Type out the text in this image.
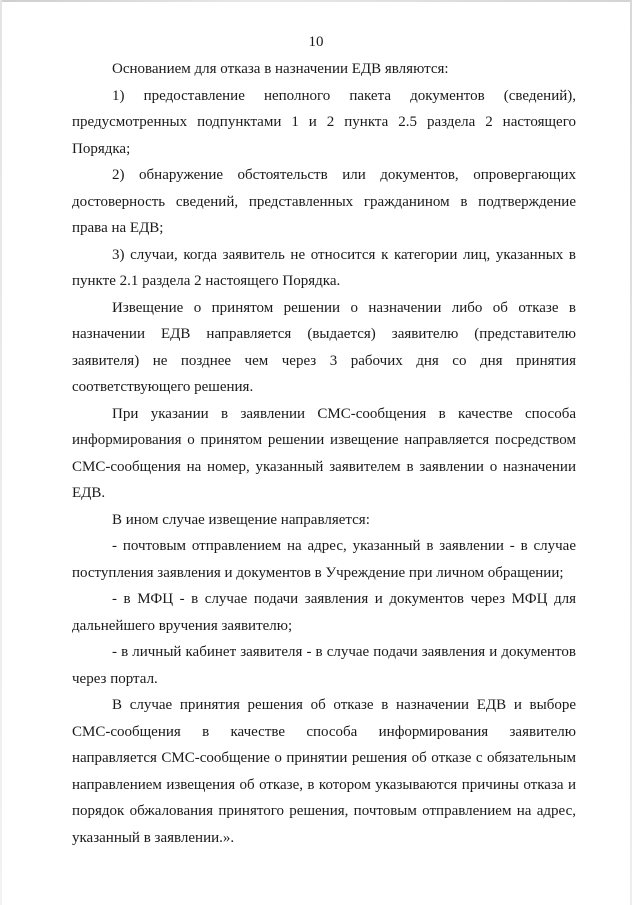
10

Основанием для отказа в назначении ЕДВ являются:

1) предоставление неполного пакета документов (сведений), предусмотренных подпунктами 1 и 2 пункта 2.5 раздела 2 настоящего Порядка;

2) обнаружение обстоятельств или документов, опровергающих достоверность сведений, представленных гражданином в подтверждение права на ЕДВ;

3) случаи, когда заявитель не относится к категории лиц, указанных в пункте 2.1 раздела 2 настоящего Порядка.

Извещение о принятом решении о назначении либо об отказе в назначении ЕДВ направляется (выдается) заявителю (представителю заявителя) не позднее чем через 3 рабочих дня со дня принятия соответствующего решения.

При указании в заявлении СМС-сообщения в качестве способа информирования о принятом решении извещение направляется посредством СМС-сообщения на номер, указанный заявителем в заявлении о назначении ЕДВ.

В ином случае извещение направляется:

- почтовым отправлением на адрес, указанный в заявлении - в случае поступления заявления и документов в Учреждение при личном обращении;

- в МФЦ - в случае подачи заявления и документов через МФЦ для дальнейшего вручения заявителю;

- в личный кабинет заявителя - в случае подачи заявления и документов через портал.

В случае принятия решения об отказе в назначении ЕДВ и выборе СМС-сообщения в качестве способа информирования заявителю направляется СМС-сообщение о принятии решения об отказе с обязательным направлением извещения об отказе, в котором указываются причины отказа и порядок обжалования принятого решения, почтовым отправлением на адрес, указанный в заявлении.».
